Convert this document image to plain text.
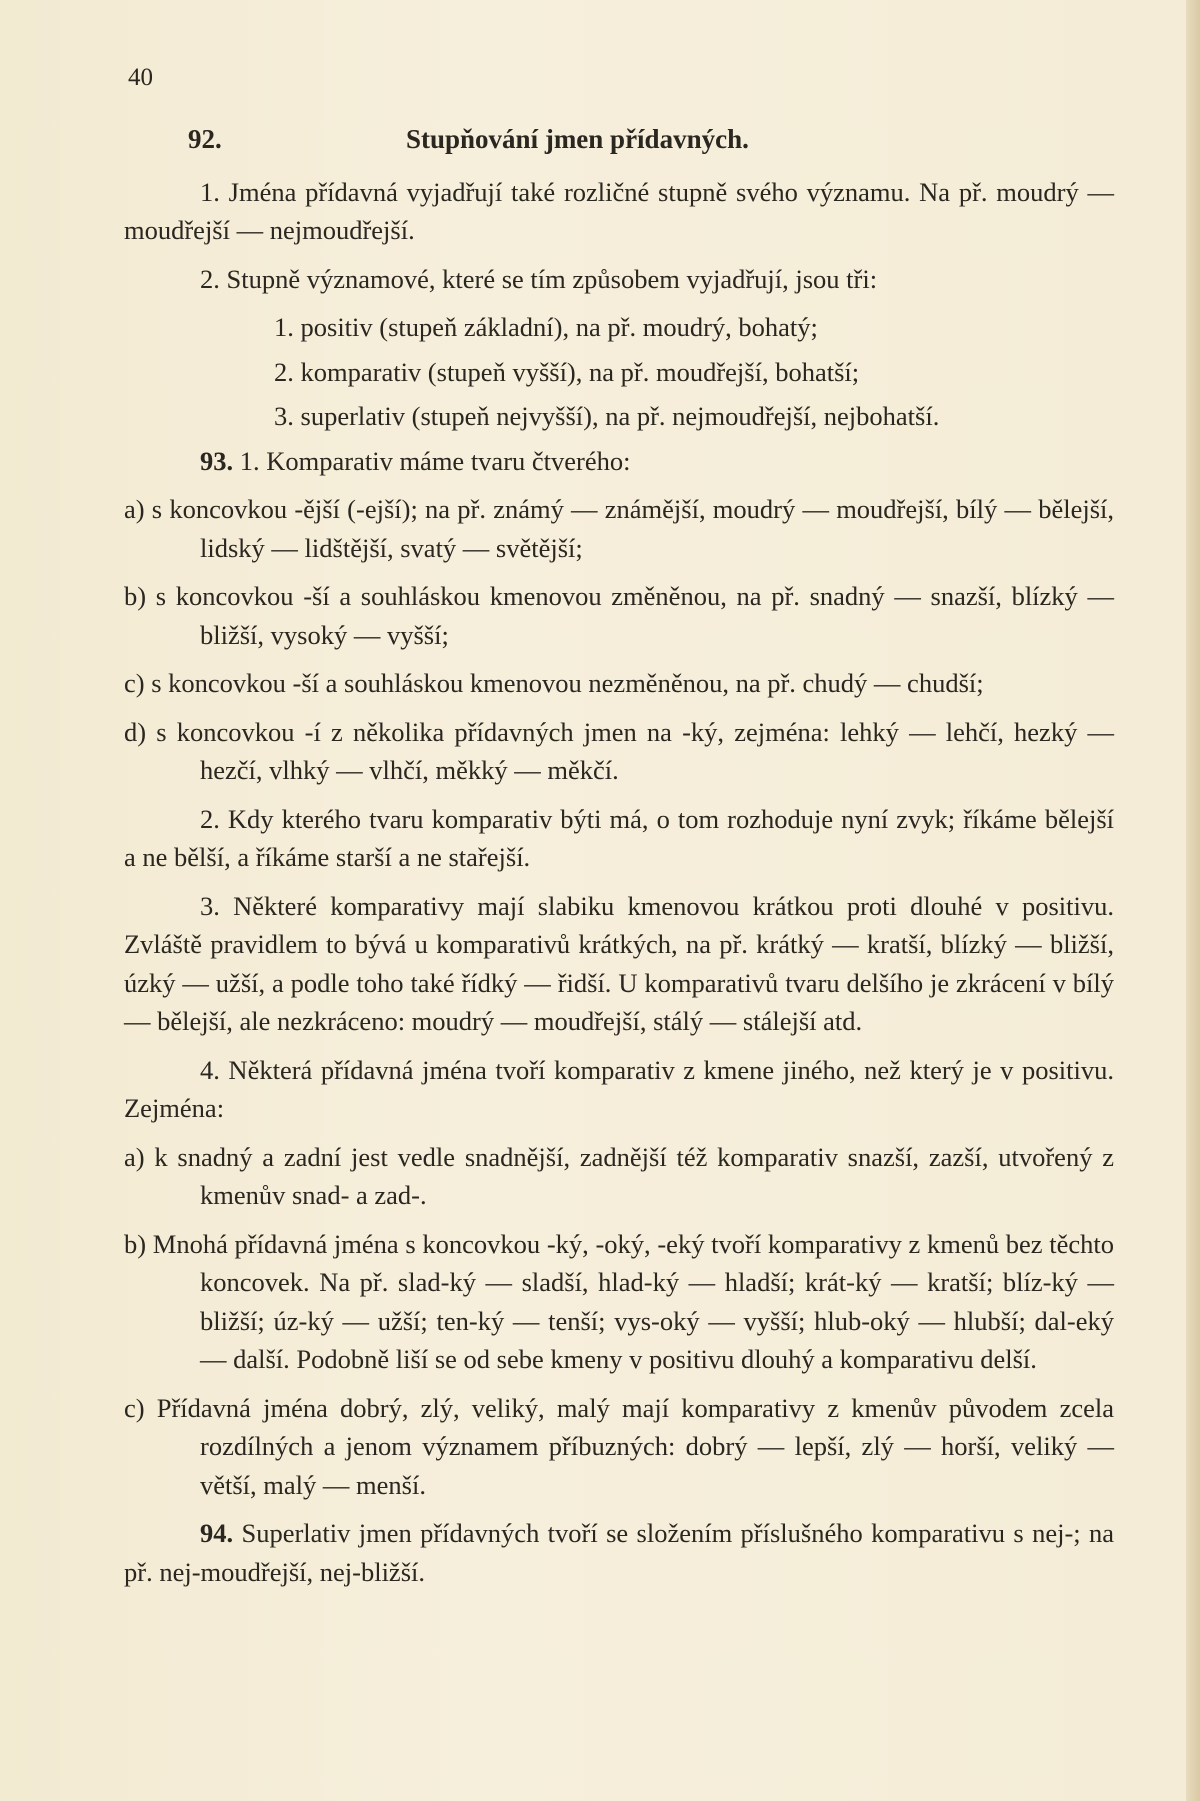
40
92.	Stupňování jmen přídavných.

1. Jména přídavná vyjadřují také rozličné stupně svého významu. Na př. moudrý — moudřejší — nejmoudřejší.

2. Stupně významové, které se tím způsobem vyjadřují, jsou tři:

1. positiv (stupeň základní), na př. moudrý, bohatý;

2. komparativ (stupeň vyšší), na př. moudřejší, bohatší;

3. superlativ (stupeň nejvyšší), na př. nejmoudřejší, nejbohatší.

93. 1. Komparativ máme tvaru čtverého:

a) s koncovkou -ější (-ejší); na př. známý — známější, moudrý — moudřejší, bílý — bělejší, lidský — lidštější, svatý — světější;
b) s koncovkou -ší a souhláskou kmenovou změněnou, na př. snadný — snazší, blízký — bližší, vysoký — vyšší;
c) s koncovkou -ší a souhláskou kmenovou nezměněnou, na př. chudý — chudší;
d) s koncovkou -í z několika přídavných jmen na -ký, zejména: lehký — lehčí, hezký — hezčí, vlhký — vlhčí, měkký — měkčí.

2. Kdy kterého tvaru komparativ býti má, o tom rozhoduje nyní zvyk; říkáme bělejší a ne bělší, a říkáme starší a ne stařejší.

3. Některé komparativy mají slabiku kmenovou krátkou proti dlouhé v positivu. Zvláště pravidlem to bývá u komparativů krátkých, na př. krátký — kratší, blízký — bližší, úzký — užší, a podle toho také řídký — řidší. U komparativů tvaru delšího je zkrácení v bílý — bělejší, ale nezkráceno: moudrý — moudřejší, stálý — stálejší atd.

4. Některá přídavná jména tvoří komparativ z kmene jiného, než který je v positivu. Zejména:

a) k snadný a zadní jest vedle snadnější, zadnější též komparativ snazší, zazší, utvořený z kmenův snad- a zad-.
b) Mnohá přídavná jména s koncovkou -ký, -oký, -eký tvoří komparativy z kmenů bez těchto koncovek. Na př. slad-ký — sladší, hlad-ký — hladší; krát-ký — kratší; blíz-ký — bližší; úz-ký — užší; ten-ký — tenší; vys-oký — vyšší; hlub-oký — hlubší; dal-eký — další. Podobně liší se od sebe kmeny v positivu dlouhý a komparativu delší.
c) Přídavná jména dobrý, zlý, veliký, malý mají komparativy z kmenův původem zcela rozdílných a jenom významem příbuzných: dobrý — lepší, zlý — horší, veliký — větší, malý — menší.

94. Superlativ jmen přídavných tvoří se složením příslušného komparativu s nej-; na př. nej-moudřejší, nej-bližší.
